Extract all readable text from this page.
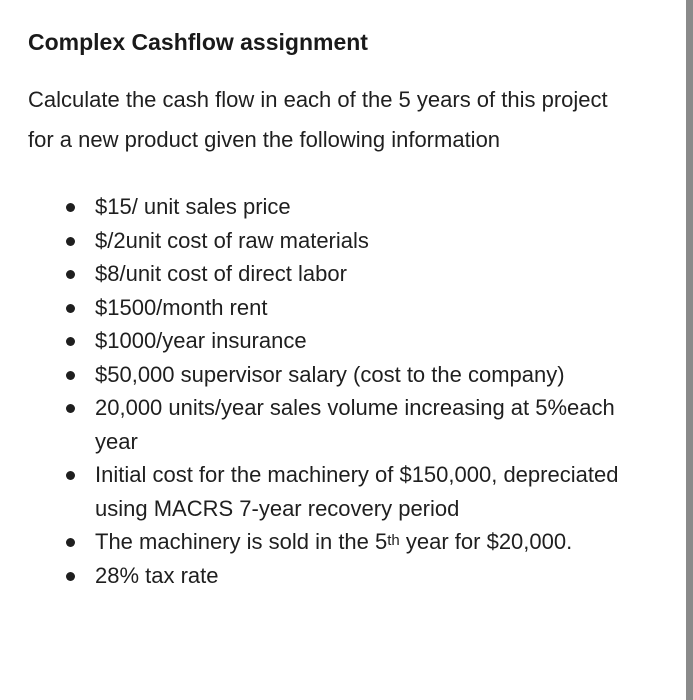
Complex Cashflow assignment

Calculate the cash flow in each of the 5 years of this project for a new product given the following information

$15/ unit sales price
$/2unit cost of raw materials
$8/unit cost of direct labor
$1500/month rent
$1000/year insurance
$50,000 supervisor salary (cost to the company)
20,000 units/year sales volume increasing at 5%each year
Initial cost for the machinery of $150,000, depreciated using MACRS 7-year recovery period
The machinery is sold in the 5th year for $20,000.
28% tax rate
